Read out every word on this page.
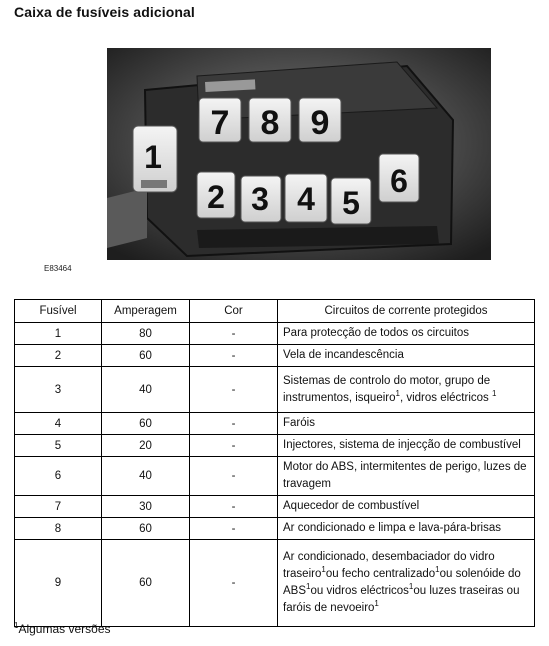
Caixa de fusíveis adicional
7 8 9
1
2 3 4 5
6
E83464
Fusível	Amperagem	Cor	Circuitos de corrente protegidos
1	80	-	Para protecção de todos os circuitos
2	60	-	Vela de incandescência
3	40	-	Sistemas de controlo do motor, grupo de instrumentos, isqueiro$^1$, vidros eléctricos $^1$
4	60	-	Faróis
5	20	-	Injectores, sistema de injecção de combustível
6	40	-	Motor do ABS, intermitentes de perigo, luzes de travagem
7	30	-	Aquecedor de combustível
8	60	-	Ar condicionado e limpa e lava-pára-brisas
9	60	-	Ar condicionado, desembaciador do vidro traseiro$^1$ou fecho centralizado$^1$ou solenóide do ABS$^1$ou vidros eléctricos$^1$ou luzes traseiras ou faróis de nevoeiro$^1$
$^1$Algumas versões
